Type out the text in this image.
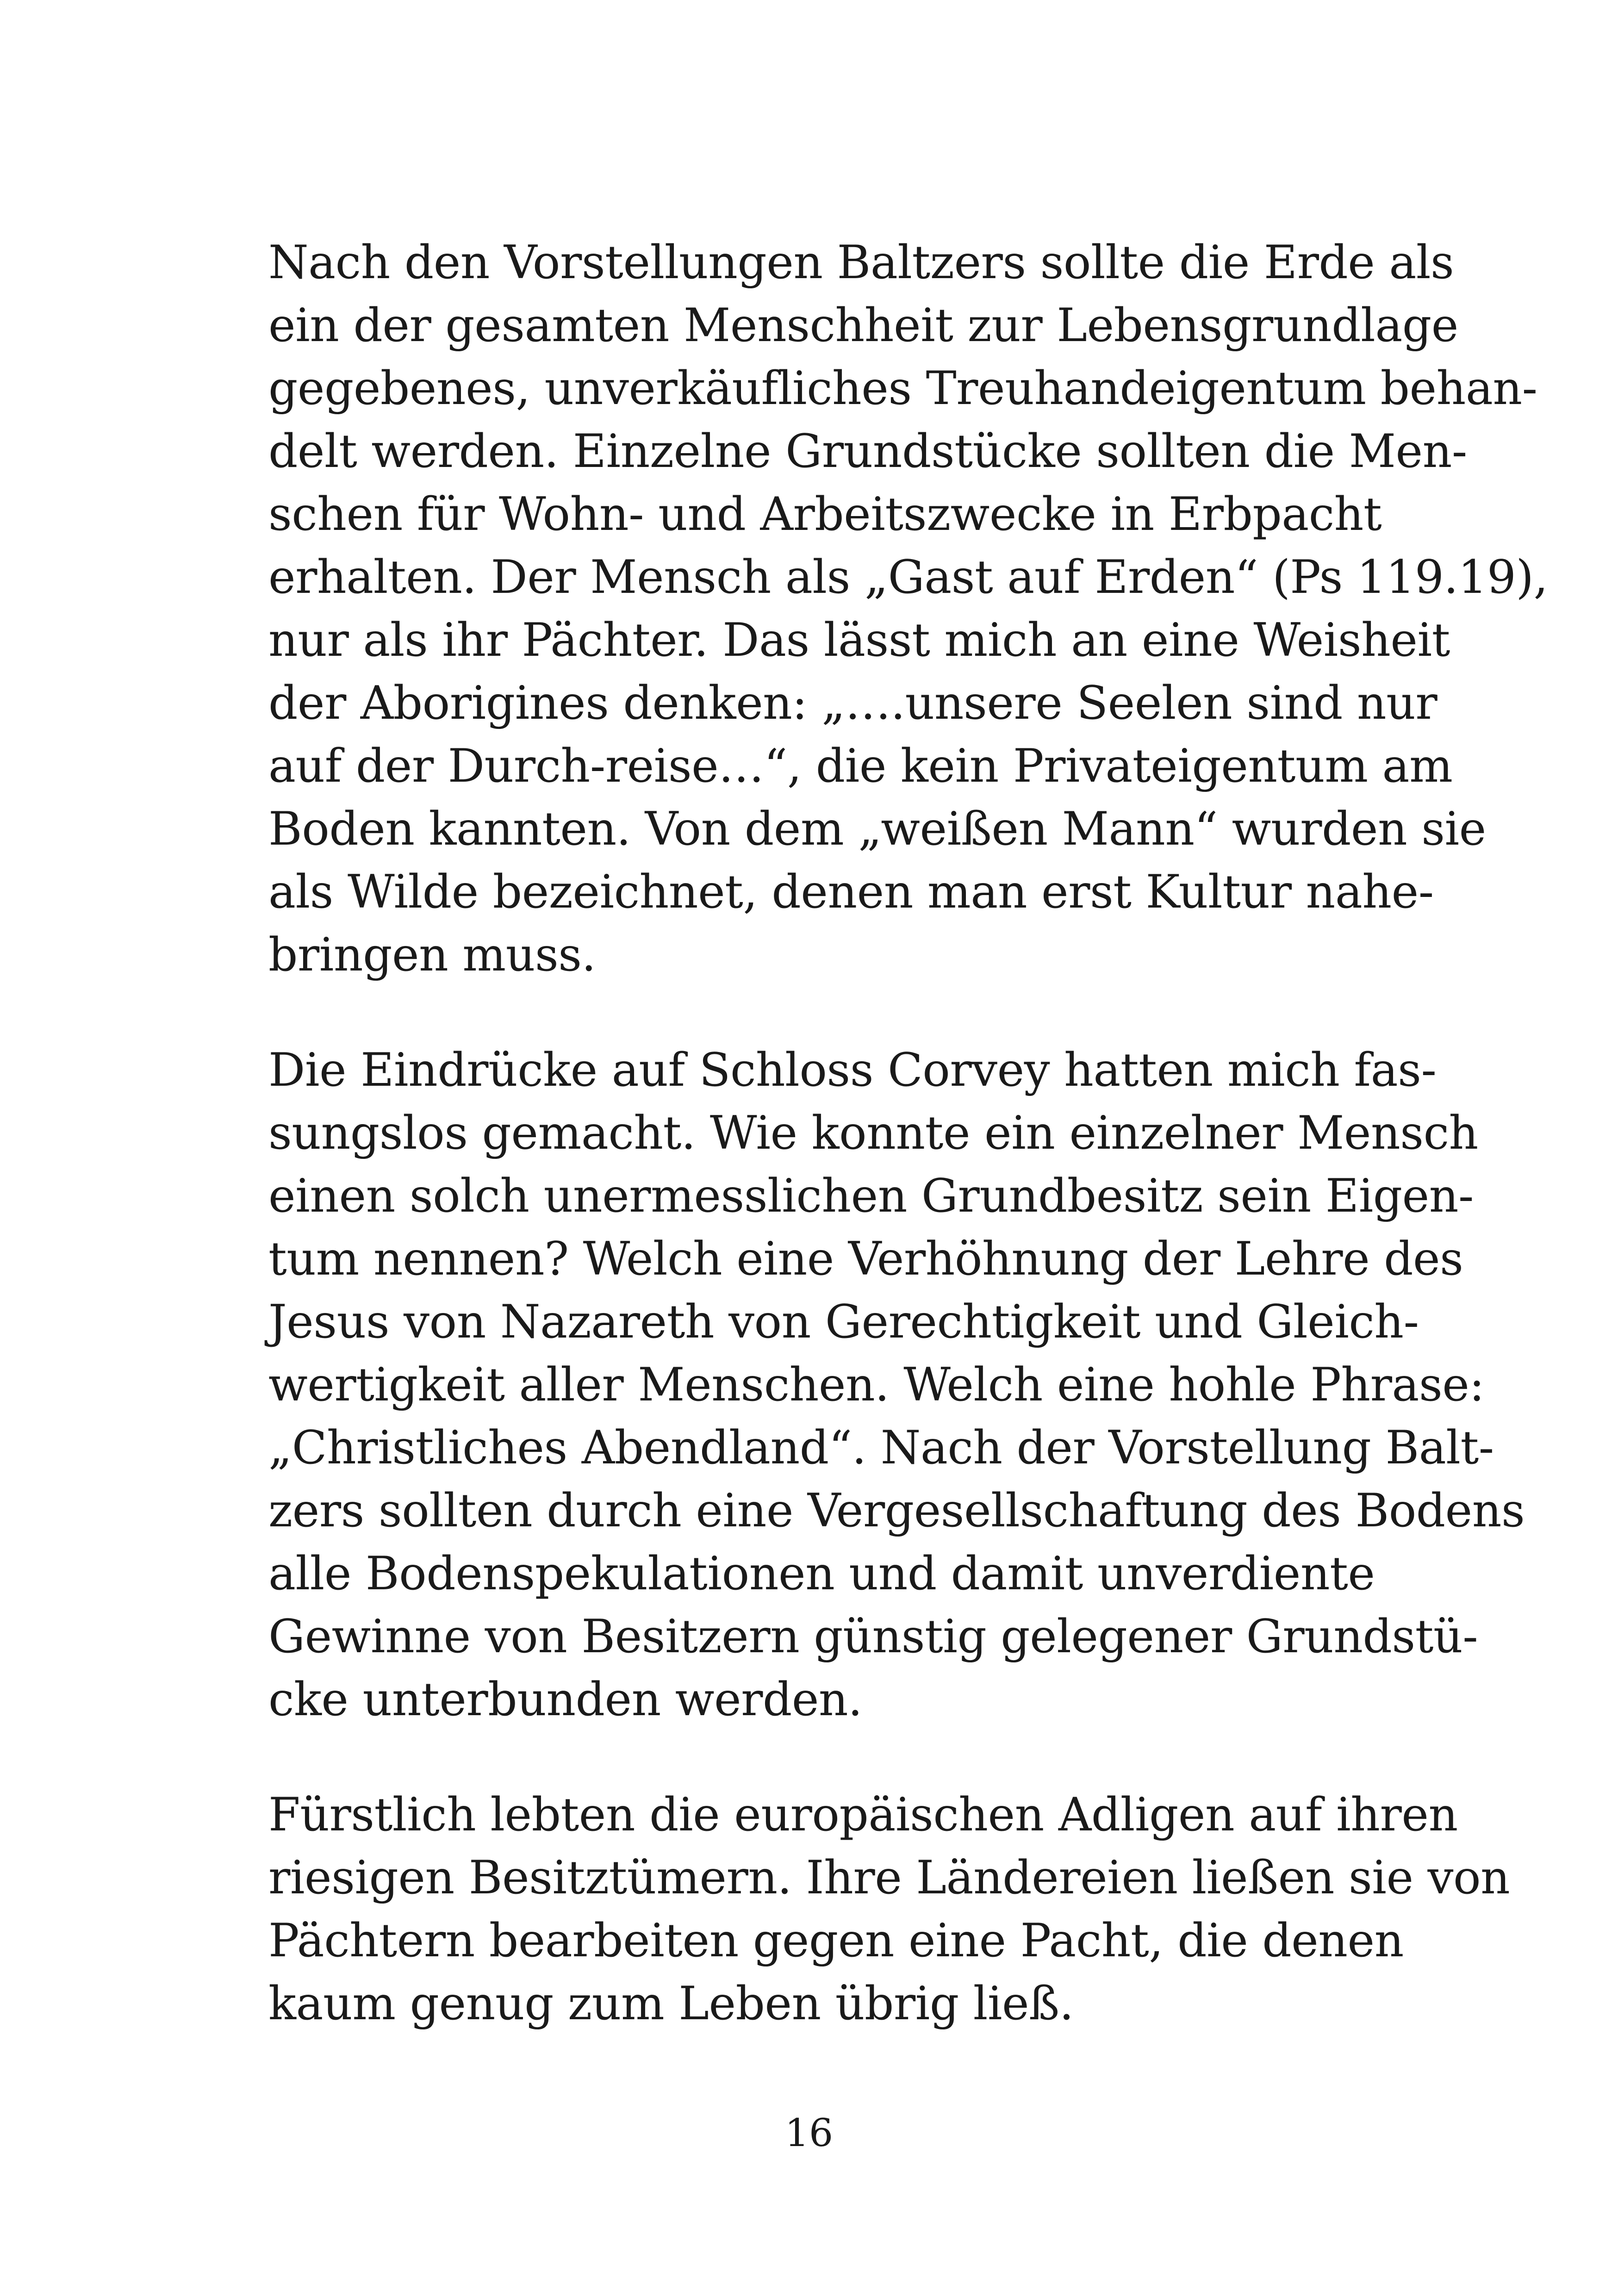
Nach den Vorstellungen Baltzers sollte die Erde als
ein der gesamten Menschheit zur Lebensgrundlage
gegebenes, unverkäufliches Treuhandeigentum behan-
delt werden. Einzelne Grundstücke sollten die Men-
schen für Wohn- und Arbeitszwecke in Erbpacht
erhalten. Der Mensch als „Gast auf Erden“ (Ps 119.19),
nur als ihr Pächter. Das lässt mich an eine Weisheit
der Aborigines denken: „….unsere Seelen sind nur
auf der Durch-reise…“, die kein Privateigentum am
Boden kannten. Von dem „weißen Mann“ wurden sie
als Wilde bezeichnet, denen man erst Kultur nahe-
bringen muss.

Die Eindrücke auf Schloss Corvey hatten mich fas-
sungslos gemacht. Wie konnte ein einzelner Mensch
einen solch unermesslichen Grundbesitz sein Eigen-
tum nennen? Welch eine Verhöhnung der Lehre des
Jesus von Nazareth von Gerechtigkeit und Gleich-
wertigkeit aller Menschen. Welch eine hohle Phrase:
„Christliches Abendland“. Nach der Vorstellung Balt-
zers sollten durch eine Vergesellschaftung des Bodens
alle Bodenspekulationen und damit unverdiente
Gewinne von Besitzern günstig gelegener Grundstü-
cke unterbunden werden.

Fürstlich lebten die europäischen Adligen auf ihren
riesigen Besitztümern. Ihre Ländereien ließen sie von
Pächtern bearbeiten gegen eine Pacht, die denen
kaum genug zum Leben übrig ließ.

16
